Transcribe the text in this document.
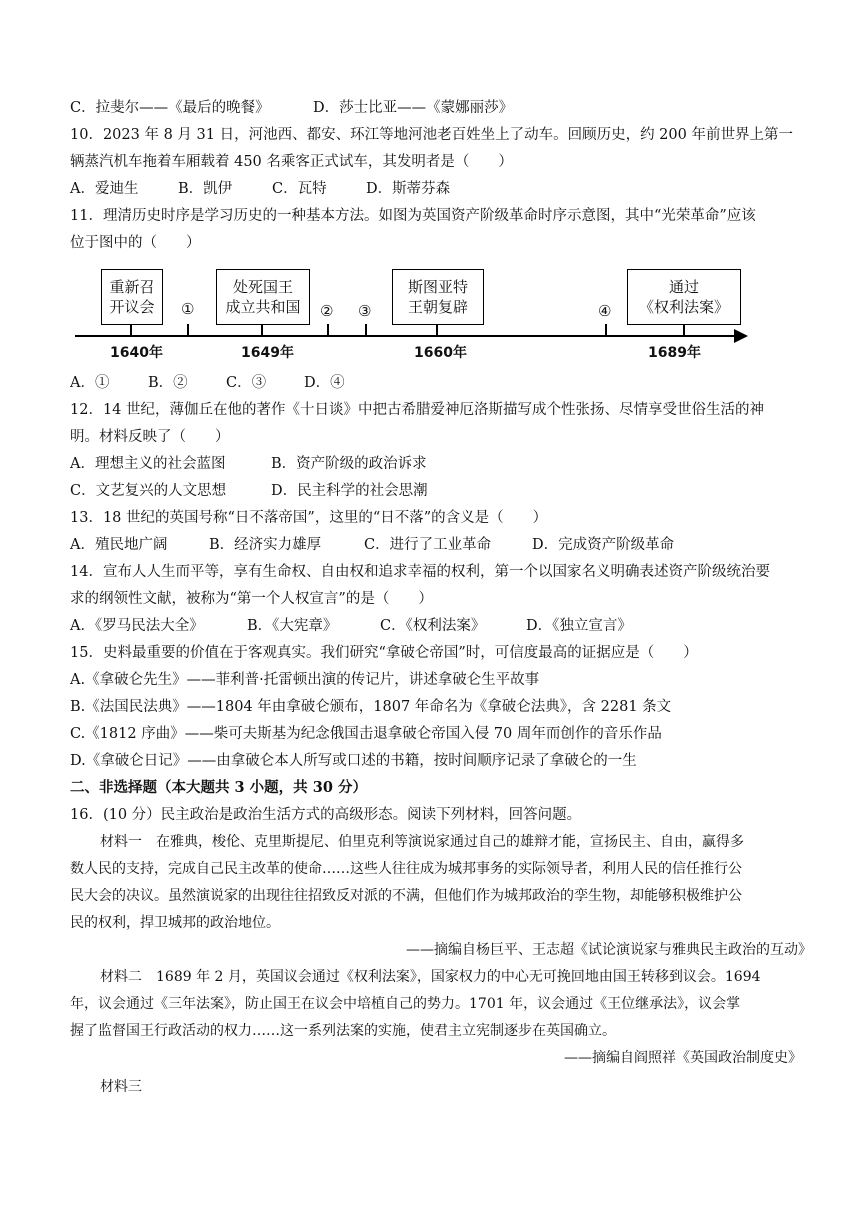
C．拉斐尔——《最后的晚餐》	D．莎士比亚——《蒙娜丽莎》
10．2023 年 8 月 31 日，河池西、都安、环江等地河池老百姓坐上了动车。回顾历史，约 200 年前世界上第一
辆蒸汽机车拖着车厢载着 450 名乘客正式试车，其发明者是（　　）
A．爱迪生	B．凯伊	C．瓦特	D．斯蒂芬森
11．理清历史时序是学习历史的一种基本方法。如图为英国资产阶级革命时序示意图，其中“光荣革命”应该
位于图中的（　　）
重新召
开议会
1640年
①
处死国王
成立共和国
1649年
② ③
斯图亚特
王朝复辟
1660年
④
通过
《权利法案》
1689年
A．①	B．②	C．③	D．④
12．14 世纪，薄伽丘在他的著作《十日谈》中把古希腊爱神厄洛斯描写成个性张扬、尽情享受世俗生活的神
明。材料反映了（　　）
A．理想主义的社会蓝图	B．资产阶级的政治诉求
C．文艺复兴的人文思想	D．民主科学的社会思潮
13．18 世纪的英国号称“日不落帝国”，这里的“日不落”的含义是（　　）
A．殖民地广阔	B．经济实力雄厚	C．进行了工业革命	D．完成资产阶级革命
14．宣布人人生而平等，享有生命权、自由权和追求幸福的权利，第一个以国家名义明确表述资产阶级统治要
求的纲领性文献，被称为“第一个人权宣言”的是（　　）
A．《罗马民法大全》	B．《大宪章》	C．《权利法案》	D．《独立宣言》
15．史料最重要的价值在于客观真实。我们研究“拿破仑帝国”时，可信度最高的证据应是（　　）
A.《拿破仑先生》——菲利普·托雷顿出演的传记片，讲述拿破仑生平故事
B.《法国民法典》——1804 年由拿破仑颁布，1807 年命名为《拿破仑法典》，含 2281 条文
C.《1812 序曲》——柴可夫斯基为纪念俄国击退拿破仑帝国入侵 70 周年而创作的音乐作品
D.《拿破仑日记》——由拿破仑本人所写或口述的书籍，按时间顺序记录了拿破仑的一生
二、非选择题（本大题共 3 小题，共 30 分）
16．(10 分）民主政治是政治生活方式的高级形态。阅读下列材料，回答问题。
材料一　在雅典，梭伦、克里斯提尼、伯里克利等演说家通过自己的雄辩才能，宣扬民主、自由，赢得多
数人民的支持，完成自己民主改革的使命……这些人往往成为城邦事务的实际领导者，利用人民的信任推行公
民大会的决议。虽然演说家的出现往往招致反对派的不满，但他们作为城邦政治的孪生物，却能够积极维护公
民的权利，捍卫城邦的政治地位。
——摘编自杨巨平、王志超《试论演说家与雅典民主政治的互动》
材料二　1689 年 2 月，英国议会通过《权利法案》，国家权力的中心无可挽回地由国王转移到议会。1694
年，议会通过《三年法案》，防止国王在议会中培植自己的势力。1701 年，议会通过《王位继承法》，议会掌
握了监督国王行政活动的权力……这一系列法案的实施，使君主立宪制逐步在英国确立。
——摘编自阎照祥《英国政治制度史》
材料三
